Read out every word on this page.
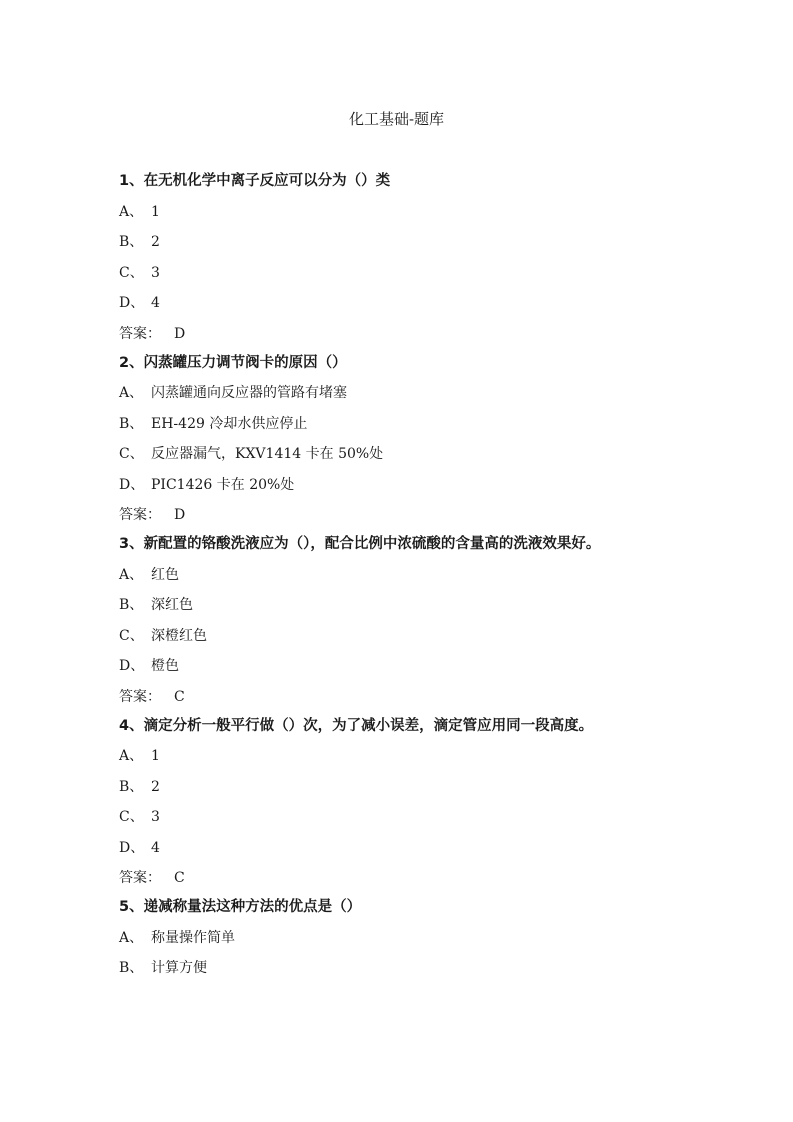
化工基础-题库
1、在无机化学中离子反应可以分为（）类
A、 1
B、 2
C、 3
D、 4
答案： D
2、闪蒸罐压力调节阀卡的原因（）
A、 闪蒸罐通向反应器的管路有堵塞
B、 EH-429 冷却水供应停止
C、 反应器漏气，KXV1414 卡在 50%处
D、 PIC1426 卡在 20%处
答案： D
3、新配置的铬酸洗液应为（），配合比例中浓硫酸的含量高的洗液效果好。
A、 红色
B、 深红色
C、 深橙红色
D、 橙色
答案： C
4、滴定分析一般平行做（）次，为了减小误差，滴定管应用同一段高度。
A、 1
B、 2
C、 3
D、 4
答案： C
5、递减称量法这种方法的优点是（）
A、 称量操作简单
B、 计算方便
